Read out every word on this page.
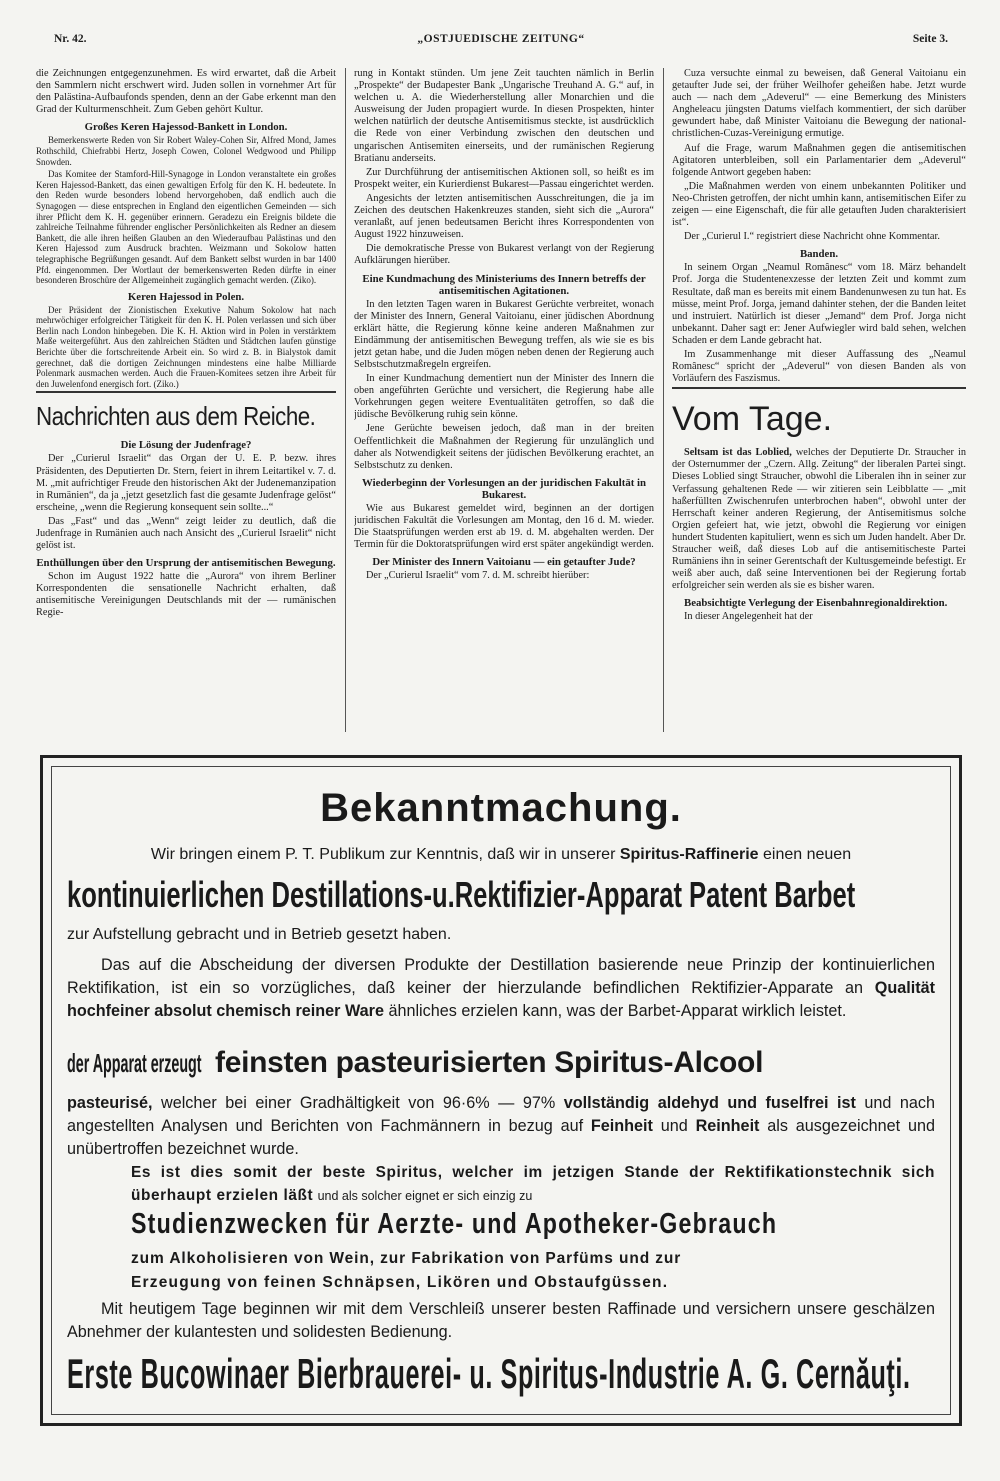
Nr. 42.	„OSTJUEDISCHE ZEITUNG“	Seite 3.

die Zeichnungen entgegenzunehmen. Es wird erwartet, daß die Arbeit den Sammlern nicht erschwert wird. Juden sollen in vornehmer Art für den Palästina-Aufbaufonds spenden, denn an der Gabe erkennt man den Grad der Kulturmenschheit. Zum Geben gehört Kultur.

Großes Keren Hajessod-Bankett in London.

Bemerkenswerte Reden von Sir Robert Waley-Cohen Sir, Alfred Mond, James Rothschild, Chiefrabbi Hertz, Joseph Cowen, Colonel Wedgwood und Philipp Snowden.

Das Komitee der Stamford-Hill-Synagoge in London veranstaltete ein großes Keren Hajessod-Bankett, das einen gewaltigen Erfolg für den K. H. bedeutete. In den Reden wurde besonders lobend hervorgehoben, daß endlich auch die Synagogen — diese entsprechen in England den eigentlichen Gemeinden — sich ihrer Pflicht dem K. H. gegenüber erinnern. Geradezu ein Ereignis bildete die zahlreiche Teilnahme führender englischer Persönlichkeiten als Redner an diesem Bankett, die alle ihren heißen Glauben an den Wiederaufbau Palästinas und den Keren Hajessod zum Ausdruck brachten. Weizmann und Sokolow hatten telegraphische Begrüßungen gesandt. Auf dem Bankett selbst wurden in bar 1400 Pfd. eingenommen. Der Wortlaut der bemerkenswerten Reden dürfte in einer besonderen Broschüre der Allgemeinheit zugänglich gemacht werden. (Ziko).

Keren Hajessod in Polen.

Der Präsident der Zionistischen Exekutive Nahum Sokolow hat nach mehrwöchiger erfolgreicher Tätigkeit für den K. H. Polen verlassen und sich über Berlin nach London hinbegeben. Die K. H. Aktion wird in Polen in verstärktem Maße weitergeführt. Aus den zahlreichen Städten und Städtchen laufen günstige Berichte über die fortschreitende Arbeit ein. So wird z. B. in Bialystok damit gerechnet, daß die dortigen Zeichnungen mindestens eine halbe Milliarde Polenmark ausmachen werden. Auch die Frauen-Komitees setzen ihre Arbeit für den Juwelenfond energisch fort. (Ziko.)

Nachrichten aus dem Reiche.
Die Lösung der Judenfrage?

Der „Curierul Israelit“ das Organ der U. E. P. bezw. ihres Präsidenten, des Deputierten Dr. Stern, feiert in ihrem Leitartikel v. 7. d. M. „mit aufrichtiger Freude den historischen Akt der Judenemanzipation in Rumänien“, da ja „jetzt gesetzlich fast die gesamte Judenfrage gelöst“ erscheine, „wenn die Regierung konsequent sein sollte...“

Das „Fast“ und das „Wenn“ zeigt leider zu deutlich, daß die Judenfrage in Rumänien auch nach Ansicht des „Curierul Israelit“ nicht gelöst ist.

Enthüllungen über den Ursprung der antisemitischen Bewegung.

Schon im August 1922 hatte die „Aurora“ von ihrem Berliner Korrespondenten die sensationelle Nachricht erhalten, daß antisemitische Vereinigungen Deutschlands mit der — rumänischen Regie-

rung in Kontakt stünden. Um jene Zeit tauchten nämlich in Berlin „Prospekte“ der Budapester Bank „Ungarische Treuhand A. G.“ auf, in welchen u. A. die Wiederherstellung aller Monarchien und die Ausweisung der Juden propagiert wurde. In diesen Prospekten, hinter welchen natürlich der deutsche Antisemitismus steckte, ist ausdrücklich die Rede von einer Verbindung zwischen den deutschen und ungarischen Antisemiten einerseits, und der rumänischen Regierung Bratianu anderseits.

Zur Durchführung der antisemitischen Aktionen soll, so heißt es im Prospekt weiter, ein Kurierdienst Bukarest—Passau eingerichtet werden.

Angesichts der letzten antisemitischen Ausschreitungen, die ja im Zeichen des deutschen Hakenkreuzes standen, sieht sich die „Aurora“ veranlaßt, auf jenen bedeutsamen Bericht ihres Korrespondenten von August 1922 hinzuweisen.

Die demokratische Presse von Bukarest verlangt von der Regierung Aufklärungen hierüber.

Eine Kundmachung des Ministeriums des Innern betreffs der antisemitischen Agitationen.

In den letzten Tagen waren in Bukarest Gerüchte verbreitet, wonach der Minister des Innern, General Vaitoianu, einer jüdischen Abordnung erklärt hätte, die Regierung könne keine anderen Maßnahmen zur Eindämmung der antisemitischen Bewegung treffen, als wie sie es bis jetzt getan habe, und die Juden mögen neben denen der Regierung auch Selbstschutzmaßregeln ergreifen.

In einer Kundmachung dementiert nun der Minister des Innern die oben angeführten Gerüchte und versichert, die Regierung habe alle Vorkehrungen gegen weitere Eventualitäten getroffen, so daß die jüdische Bevölkerung ruhig sein könne.

Jene Gerüchte beweisen jedoch, daß man in der breiten Oeffentlichkeit die Maßnahmen der Regierung für unzulänglich und daher als Notwendigkeit seitens der jüdischen Bevölkerung erachtet, an Selbstschutz zu denken.

Wiederbeginn der Vorlesungen an der juridischen Fakultät in Bukarest.

Wie aus Bukarest gemeldet wird, beginnen an der dortigen juridischen Fakultät die Vorlesungen am Montag, den 16 d. M. wieder. Die Staatsprüfungen werden erst ab 19. d. M. abgehalten werden. Der Termin für die Doktoratsprüfungen wird erst später angekündigt werden.

Der Minister des Innern Vaitoianu — ein getaufter Jude?

Der „Curierul Israelit“ vom 7. d. M. schreibt hierüber:

Cuza versuchte einmal zu beweisen, daß General Vaitoianu ein getaufter Jude sei, der früher Weilhofer geheißen habe. Jetzt wurde auch — nach dem „Adeverul“ — eine Bemerkung des Ministers Angheleacu jüngsten Datums vielfach kommentiert, der sich darüber gewundert habe, daß Minister Vaitoianu die Bewegung der national-christlichen-Cuzas-Vereinigung ermutige.

Auf die Frage, warum Maßnahmen gegen die antisemitischen Agitatoren unterbleiben, soll ein Parlamentarier dem „Adeverul“ folgende Antwort gegeben haben:

„Die Maßnahmen werden von einem unbekannten Politiker und Neo-Christen getroffen, der nicht umhin kann, antisemitischen Eifer zu zeigen — eine Eigenschaft, die für alle getauften Juden charakterisiert ist“.

Der „Curierul I.“ registriert diese Nachricht ohne Kommentar.

Banden.

In seinem Organ „Neamul Românesc“ vom 18. März behandelt Prof. Jorga die Studentenexzesse der letzten Zeit und kommt zum Resultate, daß man es bereits mit einem Bandenunwesen zu tun hat. Es müsse, meint Prof. Jorga, jemand dahinter stehen, der die Banden leitet und instruiert. Natürlich ist dieser „Jemand“ dem Prof. Jorga nicht unbekannt. Daher sagt er: Jener Aufwiegler wird bald sehen, welchen Schaden er dem Lande gebracht hat.

Im Zusammenhange mit dieser Auffassung des „Neamul Românesc“ spricht der „Adeverul“ von diesen Banden als von Vorläufern des Faszismus.

Vom Tage.

Seltsam ist das Loblied, welches der Deputierte Dr. Straucher in der Osternummer der „Czern. Allg. Zeitung“ der liberalen Partei singt. Dieses Loblied singt Straucher, obwohl die Liberalen ihn in seiner zur Verfassung gehaltenen Rede — wir zitieren sein Leibblatte — „mit haßerfüllten Zwischenrufen unterbrochen haben“, obwohl unter der Herrschaft keiner anderen Regierung, der Antisemitismus solche Orgien gefeiert hat, wie jetzt, obwohl die Regierung vor einigen hundert Studenten kapituliert, wenn es sich um Juden handelt. Aber Dr. Straucher weiß, daß dieses Lob auf die antisemitischeste Partei Rumäniens ihn in seiner Gerentschaft der Kultusgemeinde befestigt. Er weiß aber auch, daß seine Interventionen bei der Regierung fortab erfolgreicher sein werden als sie es bisher waren.

Beabsichtigte Verlegung der Eisenbahnregionaldirektion.

In dieser Angelegenheit hat der

Bekanntmachung.
Wir bringen einem P. T. Publikum zur Kenntnis, daß wir in unserer Spiritus-Raffinerie einen neuen
kontinuierlichen Destillations-u.Rektifizier-Apparat Patent Barbet
zur Aufstellung gebracht und in Betrieb gesetzt haben.
Das auf die Abscheidung der diversen Produkte der Destillation basierende neue Prinzip der kontinuierlichen Rektifikation, ist ein so vorzügliches, daß keiner der hierzulande befindlichen Rektifizier-Apparate an Qualität hochfeiner absolut chemisch reiner Ware ähnliches erzielen kann, was der Barbet-Apparat wirklich leistet.
der Apparat erzeugt feinsten pasteurisierten Spiritus-Alcool
pasteurisé, welcher bei einer Gradhältigkeit von 96·6% — 97% vollständig aldehyd und fuselfrei ist und nach angestellten Analysen und Berichten von Fachmännern in bezug auf Feinheit und Reinheit als ausgezeichnet und unübertroffen bezeichnet wurde.
Es ist dies somit der beste Spiritus, welcher im jetzigen Stande der Rektifikationstechnik sich überhaupt erzielen läßt und als solcher eignet er sich einzig zu
Studienzwecken für Aerzte- und Apotheker-Gebrauch
zum Alkoholisieren von Wein, zur Fabrikation von Parfüms und zur
Erzeugung von feinen Schnäpsen, Likören und Obstaufgüssen.
Mit heutigem Tage beginnen wir mit dem Verschleiß unserer besten Raffinade und versichern unsere geschälzen Abnehmer der kulantesten und solidesten Bedienung.
Erste Bucowinaer Bierbrauerei- u. Spiritus-Industrie A. G. Cernăuţi.
